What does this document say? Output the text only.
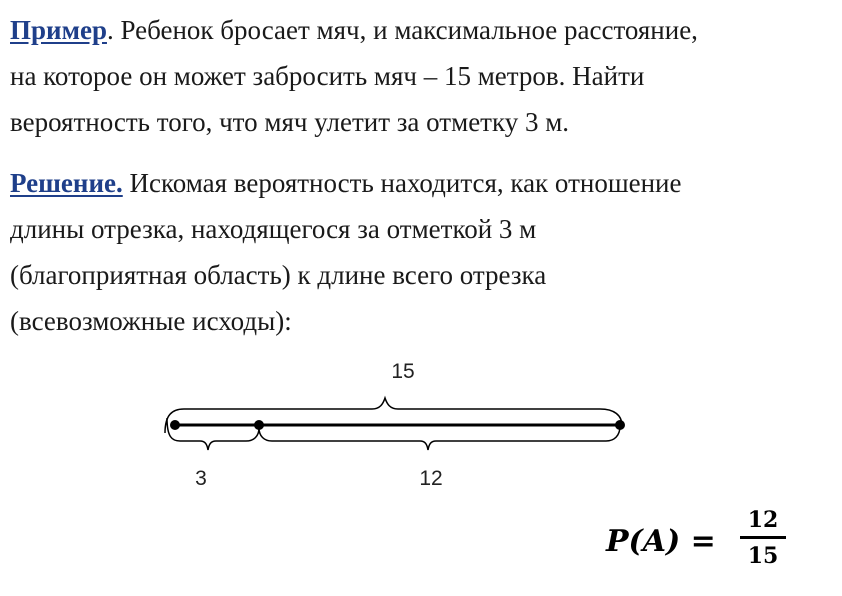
Пример. Ребенок бросает мяч, и максимальное расстояние,
на которое он может забросить мяч – 15 метров. Найти
вероятность того, что мяч улетит за отметку 3 м.
Решение. Искомая вероятность находится, как отношение
длины отрезка, находящегося за отметкой 3 м
(благоприятная область) к длине всего отрезка
(всевозможные исходы):
15
3	12
P(A) =
12
15
